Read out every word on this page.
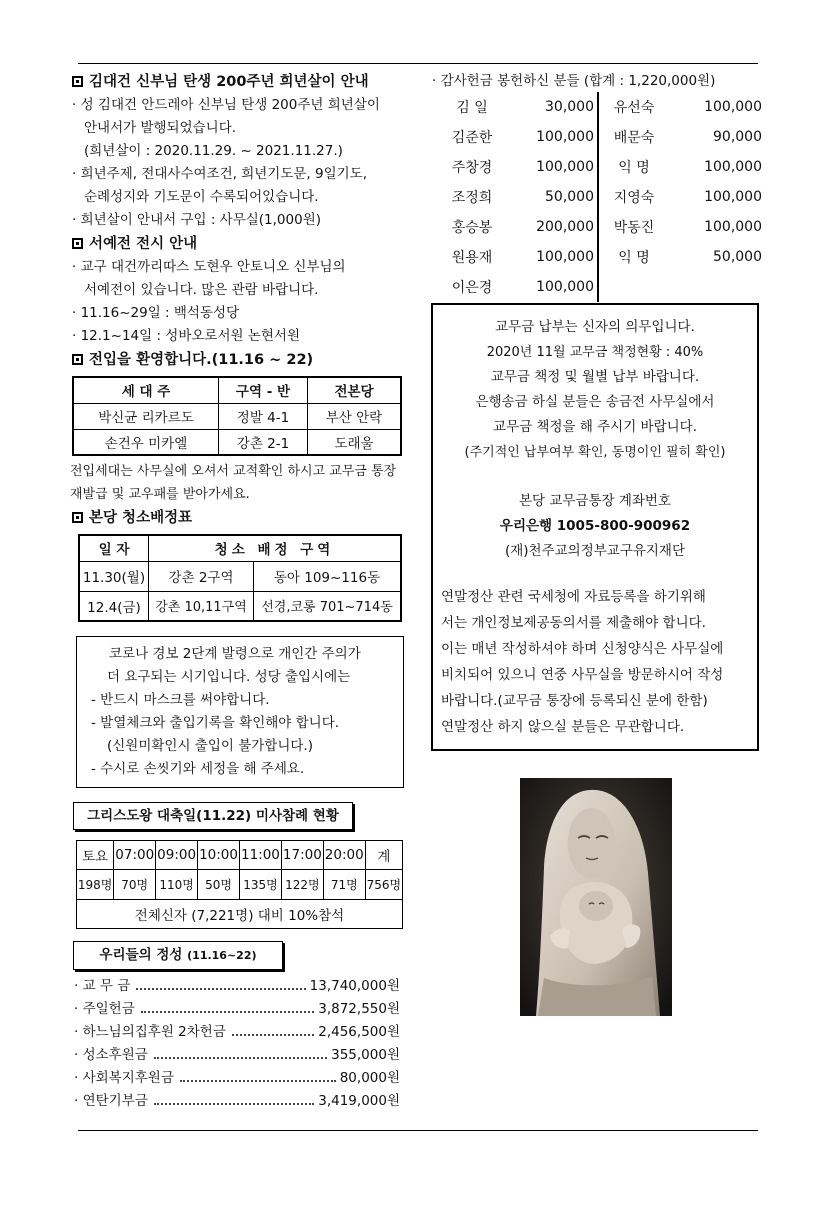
김대건 신부님 탄생 200주년 희년살이 안내

· 성 김대건 안드레아 신부님 탄생 200주년 희년살이
안내서가 발행되었습니다.
(희년살이 : 2020.11.29. ~ 2021.11.27.)
· 희년주제, 전대사수여조건, 희년기도문, 9일기도,
순례성지와 기도문이 수록되어있습니다.
· 희년살이 안내서 구입 : 사무실(1,000원)

서예전 전시 안내

· 교구 대건까리따스 도현우 안토니오 신부님의
서예전이 있습니다. 많은 관람 바랍니다.
· 11.16~29일 : 백석동성당
· 12.1~14일 : 성바오로서원 논현서원

전입을 환영합니다.(11.16 ~ 22)

세 대 주	구역 - 반	전본당
박신균 리카르도	정발 4-1	부산 안락
손건우 미카엘	강촌 2-1	도래울
전입세대는 사무실에 오셔서 교적확인 하시고 교무금 통장
재발급 및 교우패를 받아가세요.

본당 청소배정표

일 자	청소 배정 구역	
11.30(월)	강촌 2구역	동아 109~116동
12.4(금)	강촌 10,11구역	선경,코롱 701~714동
코로나 경보 2단계 발령으로 개인간 주의가
더 요구되는 시기입니다. 성당 출입시에는
- 반드시 마스크를 써야합니다.
- 발열체크와 출입기록을 확인해야 합니다.
(신원미확인시 출입이 불가합니다.)
- 수시로 손씻기와 세정을 해 주세요.
그리스도왕 대축일(11.22) 미사참례 현황
토요	07:00	09:00	10:00	11:00	17:00	20:00	계
198명	70명	110명	50명	135명	122명	71명	756명
전체신자 (7,221명) 대비 10%참석							
우리들의 정성 (11.16~22)
· 교 무 금	13,740,000원
· 주일헌금	3,872,550원
· 하느님의집후원 2차헌금	2,456,500원
· 성소후원금	355,000원
· 사회복지후원금	80,000원
· 연탄기부금	3,419,000원
· 감사헌금 봉헌하신 분들 (합계 : 1,220,000원)
김 일	30,000	유선숙	100,000
김준한	100,000	배문숙	90,000
주창경	100,000	익 명	100,000
조정희	50,000	지영숙	100,000
홍승봉	200,000	박동진	100,000
원용재	100,000	익 명	50,000
이은경	100,000		
교무금 납부는 신자의 의무입니다.
2020년 11월 교무금 책정현황 : 40%
교무금 책정 및 월별 납부 바랍니다.
은행송금 하실 분들은 송금전 사무실에서
교무금 책정을 해 주시기 바랍니다.
(주기적인 납부여부 확인, 동명이인 필히 확인)
본당 교무금통장 계좌번호
우리은행 1005-800-900962
(재)천주교의정부교구유지재단
연말정산 관련 국세청에 자료등록을 하기위해
서는 개인정보제공동의서를 제출해야 합니다.
이는 매년 작성하셔야 하며 신청양식은 사무실에
비치되어 있으니 연중 사무실을 방문하시어 작성
바랍니다.(교무금 통장에 등록되신 분에 한함)
연말정산 하지 않으실 분들은 무관합니다.
